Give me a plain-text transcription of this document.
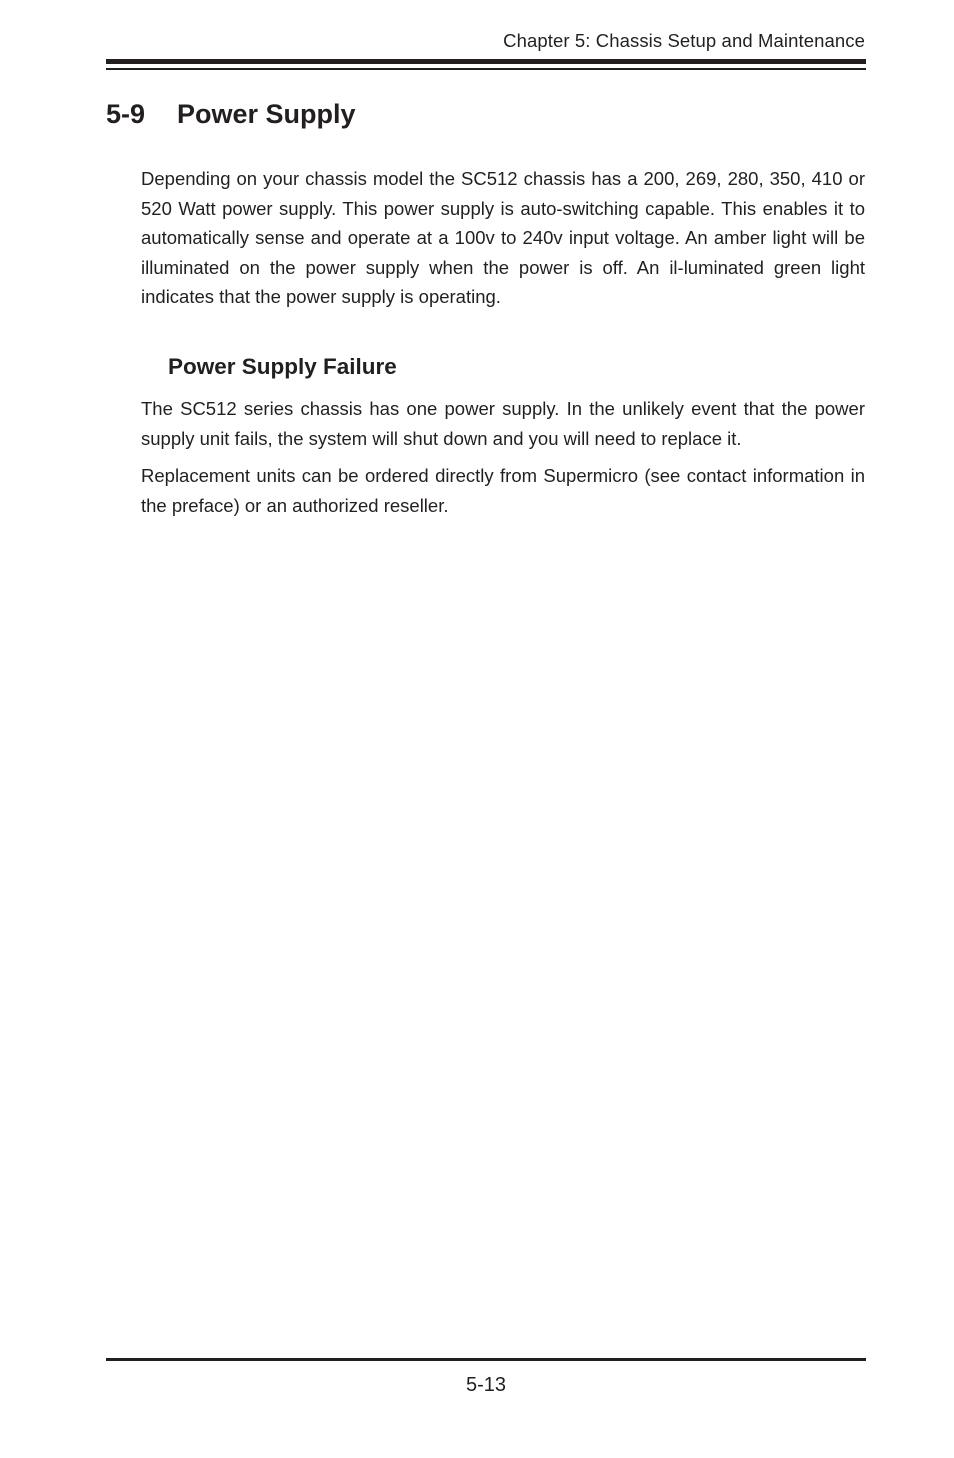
Chapter 5: Chassis Setup and Maintenance
5-9 Power Supply

Depending on your chassis model the SC512 chassis has a 200, 269, 280, 350, 410 or 520 Watt power supply. This power supply is auto-switching capable. This enables it to automatically sense and operate at a 100v to 240v input voltage. An amber light will be illuminated on the power supply when the power is off. An il-luminated green light indicates that the power supply is operating.

Power Supply Failure

The SC512 series chassis has one power supply. In the unlikely event that the power supply unit fails, the system will shut down and you will need to replace it.

Replacement units can be ordered directly from Supermicro (see contact information in the preface) or an authorized reseller.

5-13
